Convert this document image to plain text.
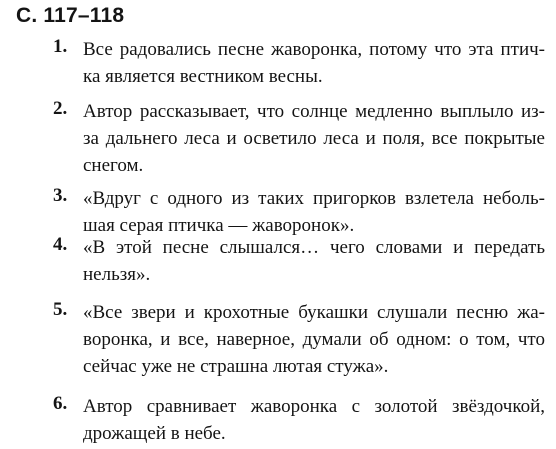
С. 117–118
1. Все радовались песне жаворонка, потому что эта птич-
ка является вестником весны.
2. Автор рассказывает, что солнце медленно выплыло из-
за дальнего леса и осветило леса и поля, все покрытые
снегом.
3. «Вдруг с одного из таких пригорков взлетела неболь-
шая серая птичка — жаворонок».
4. «В этой песне слышался… чего словами и передать
нельзя».
5. «Все звери и крохотные букашки слушали песню жа-
воронка, и все, наверное, думали об одном: о том, что
сейчас уже не страшна лютая стужа».
6. Автор сравнивает жаворонка с золотой звёздочкой,
дрожащей в небе.
